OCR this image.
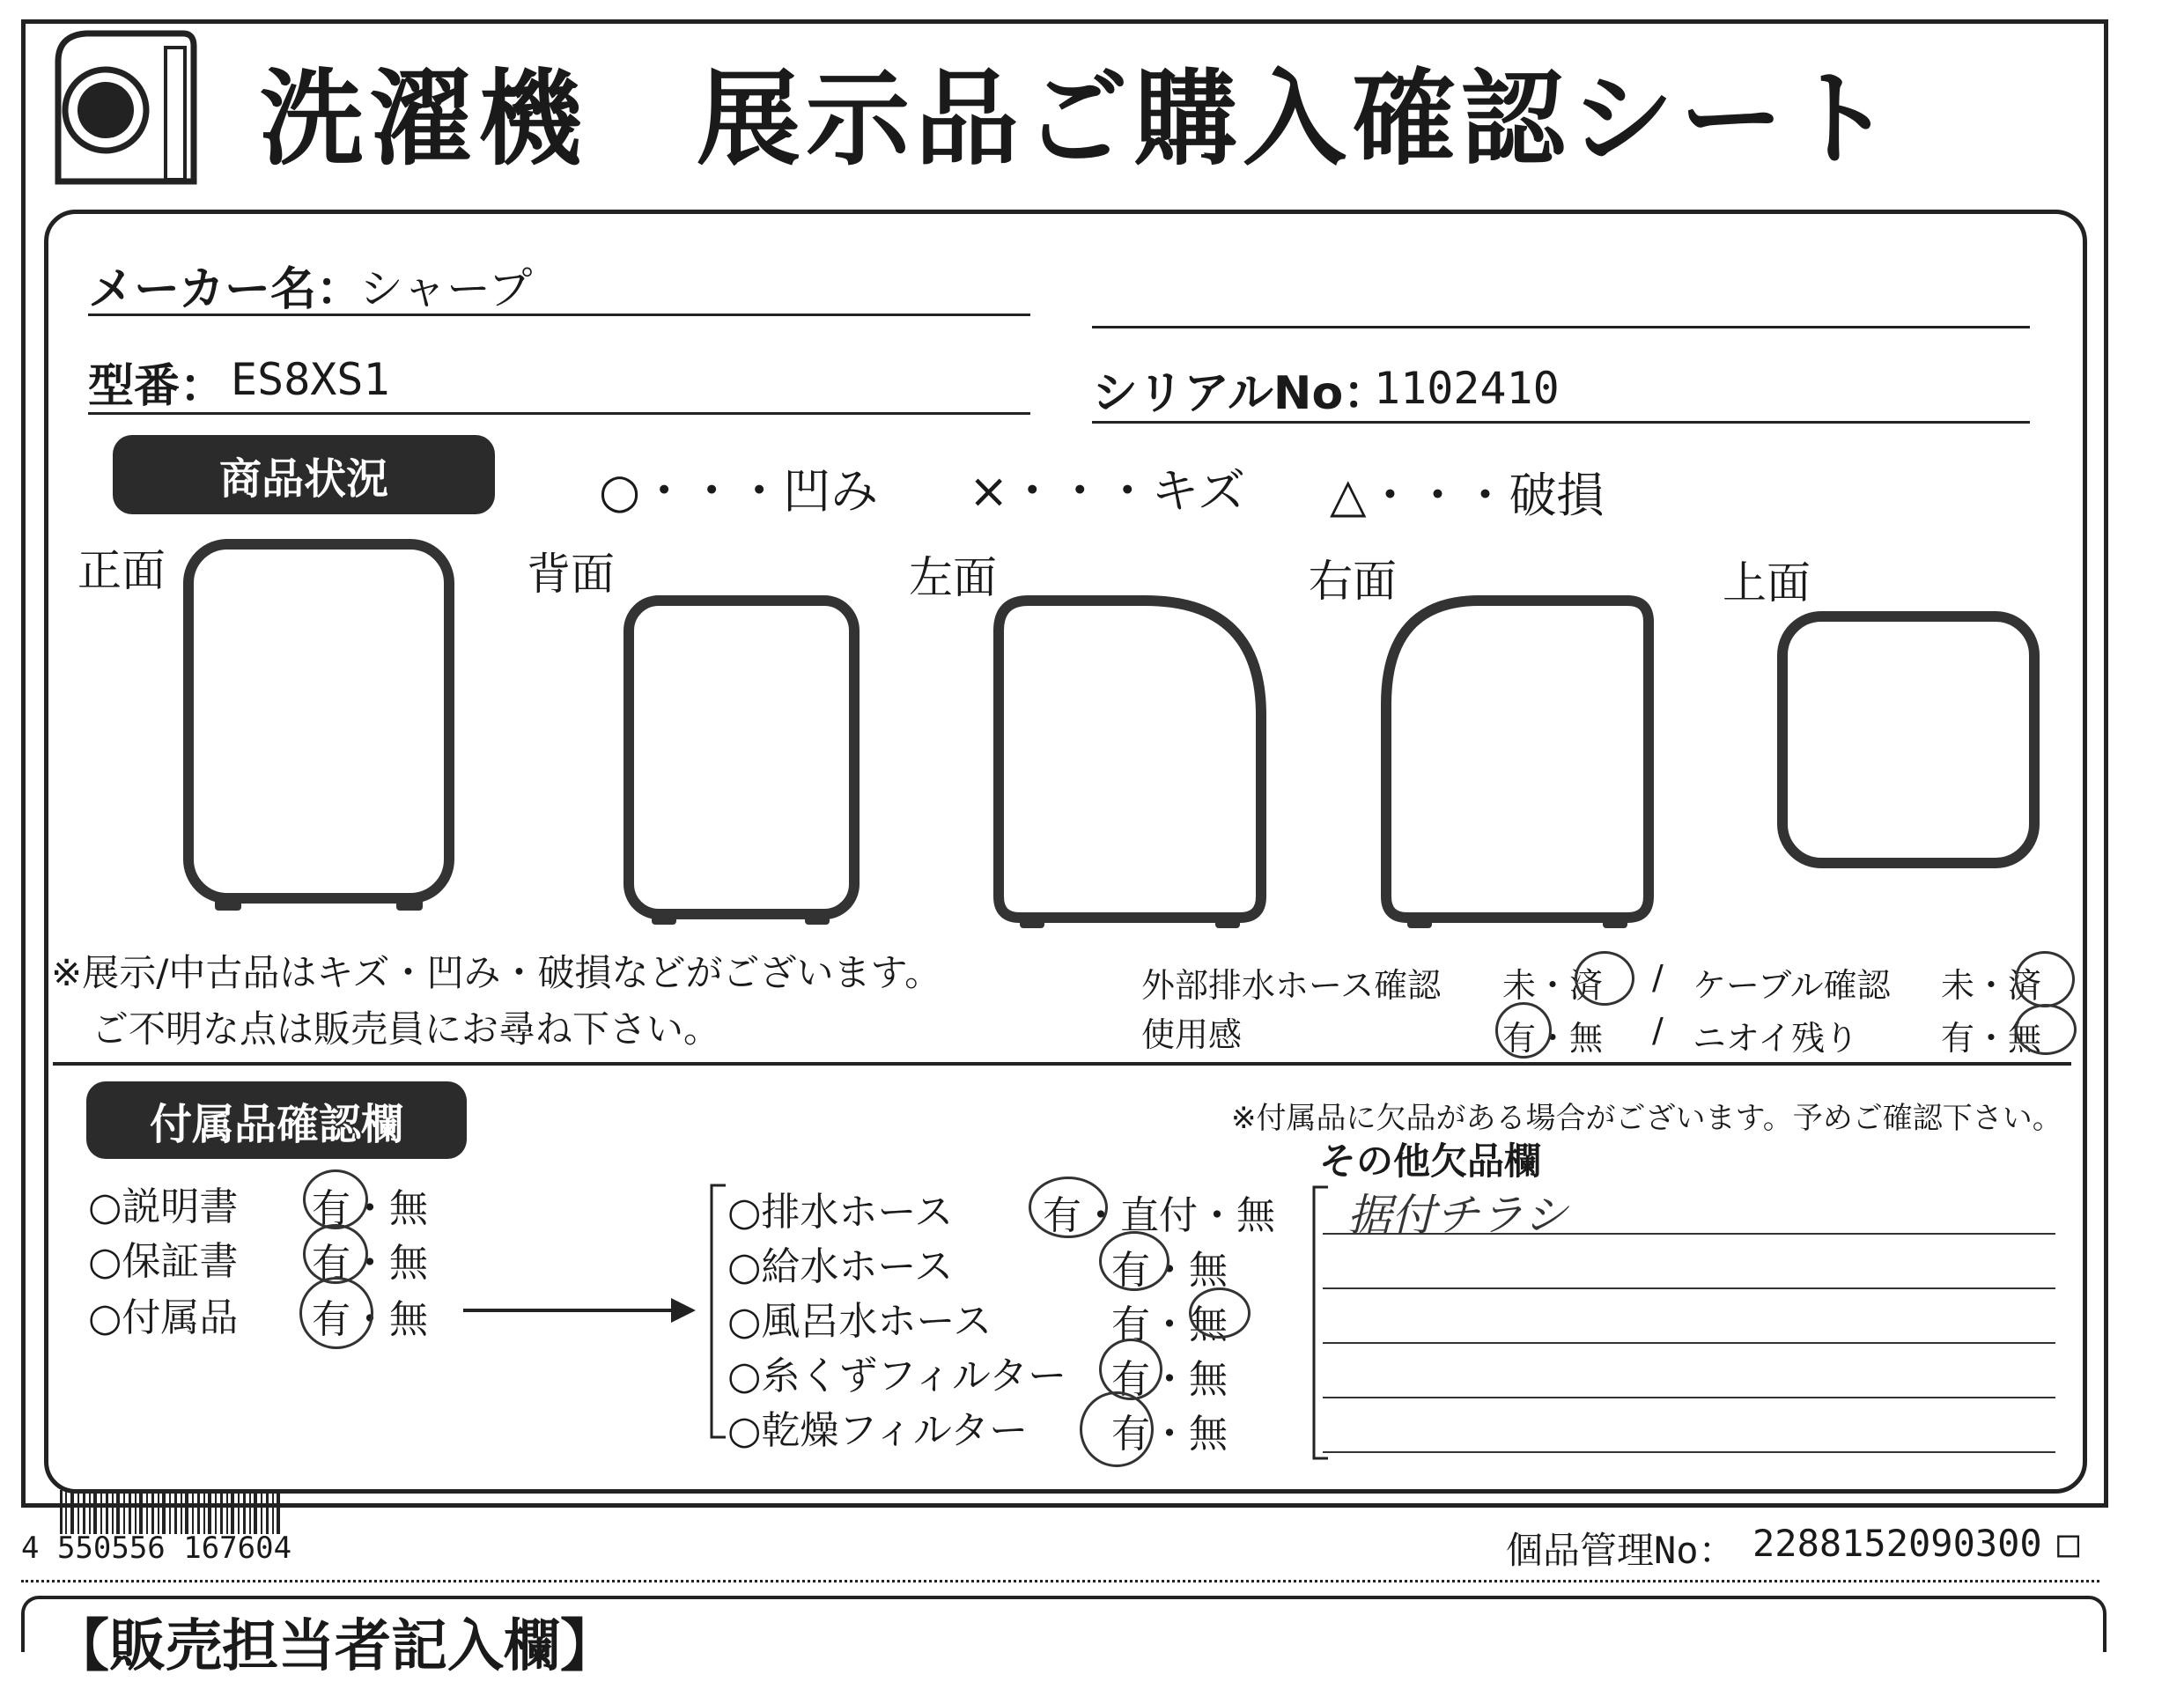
洗濯機　展示品ご購入確認シート
メーカー名：
シャープ
型番： ES8XS1	シリアルNo：
1102410
商品状況	○・・・凹み ×・・・キズ △・・・破損
正面	背面	左面	右面	上面
※展示/中古品はキズ・凹み・破損などがございます。
ご不明な点は販売員にお尋ね下さい。
外部排水ホース確認 未・済 / ケーブル確認 未・済
使用感	有・無 / ニオイ残り 有・無
付属品確認欄	※付属品に欠品がある場合がございます。予めご確認下さい。
○説明書 有・無
○保証書 有・無
○付属品 有・無
○排水ホース 有・直付・無
○給水ホース	有・無
○風呂水ホース	有・無
○糸くずフィルター 有・無
○乾燥フィルター 有・無
その他欠品欄
据付チラシ
4 550556 167604	個品管理No： 2288152090300 □
【販売担当者記入欄】
